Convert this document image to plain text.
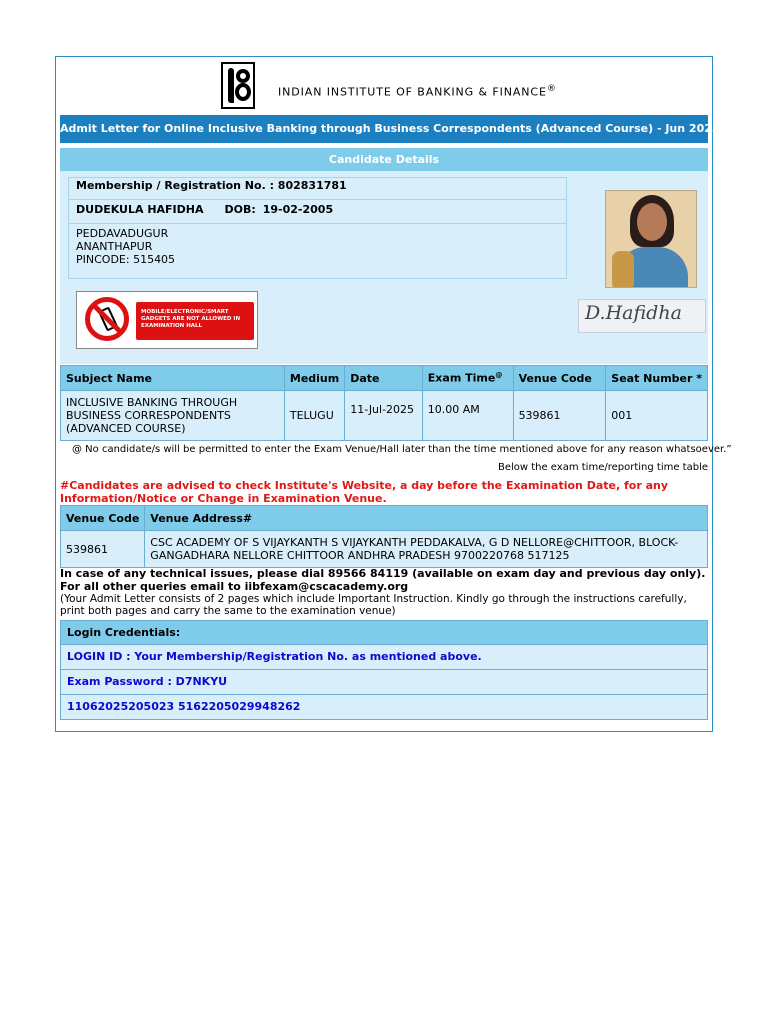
INDIAN INSTITUTE OF BANKING & FINANCE®
Admit Letter for Online Inclusive Banking through Business Correspondents (Advanced Course) - Jun 2025
Candidate Details
Membership / Registration No. : 802831781
DUDEKULA HAFIDHA DOB: 19-02-2005
PEDDAVADUGUR
ANANTHAPUR
PINCODE: 515405
D.Hafidha
MOBILE/ELECTRONIC/SMART GADGETS ARE NOT ALLOWED IN EXAMINATION HALL
Subject Name	Medium	Date	Exam Time@	Venue Code	Seat Number *
INCLUSIVE BANKING THROUGH BUSINESS CORRESPONDENTS (ADVANCED COURSE)	TELUGU	11-Jul-2025	10.00 AM	539861	001
@ No candidate/s will be permitted to enter the Exam Venue/Hall later than the time mentioned above for any reason whatsoever.”
Below the exam time/reporting time table
#Candidates are advised to check Institute's Website, a day before the Examination Date, for any Information/Notice or Change in Examination Venue.
Venue Code	Venue Address#
539861	CSC ACADEMY OF S VIJAYKANTH S VIJAYKANTH PEDDAKALVA, G D NELLORE@CHITTOOR, BLOCK- GANGADHARA NELLORE CHITTOOR ANDHRA PRADESH 9700220768 517125
In case of any technical issues, please dial 89566 84119 (available on exam day and previous day only). For all other queries email to iibfexam@cscacademy.org
(Your Admit Letter consists of 2 pages which include Important Instruction. Kindly go through the instructions carefully, print both pages and carry the same to the examination venue)
Login Credentials:
LOGIN ID : Your Membership/Registration No. as mentioned above.
Exam Password : D7NKYU
11062025205023 5162205029948262
